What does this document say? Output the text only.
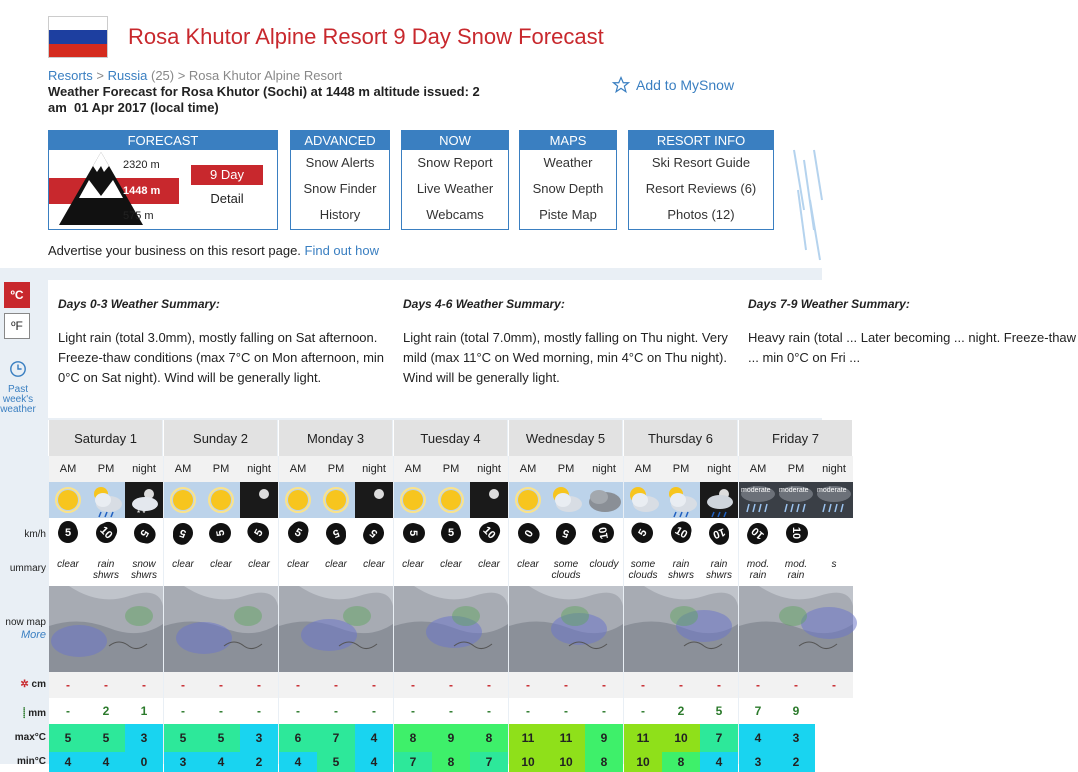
Rosa Khutor Alpine Resort 9 Day Snow Forecast
Resorts > Russia (25) > Rosa Khutor Alpine Resort
Weather Forecast for Rosa Khutor (Sochi) at 1448 m altitude issued: 2 am  01 Apr 2017 (local time)
Add to MySnow
FORECAST
2320 m
1448 m
575 m
9 Day
Detail
ADVANCED
Snow Alerts
Snow Finder
History
NOW
Snow Report
Live Weather
Webcams
MAPS
Weather
Snow Depth
Piste Map
RESORT INFO
Ski Resort Guide
Resort Reviews (6)
Photos (12)
Advertise your business on this resort page. Find out how
ºC
ºF
Past week's weather
km/h
ummary
now map
More
✲ cm
⸽ mm
max°C
min°C
Days 0-3 Weather Summary:
Light rain (total 3.0mm), mostly falling on Sat afternoon. Freeze-thaw conditions (max 7°C on Mon afternoon, min 0°C on Sat night). Wind will be generally light.
Days 4-6 Weather Summary:
Light rain (total 7.0mm), mostly falling on Thu night. Very mild (max 11°C on Wed morning, min 4°C on Thu night). Wind will be generally light.
Days 7-9 Weather Summary:
Heavy rain (total ... Later becoming ... night. Freeze-thaw ... min 0°C on Fri ...
Saturday 1
AM
5
clear
-
-
5
4
PM
10
rain shwrs
-
2
5
4
night
* *
5
snow shwrs
-
1
3
0
Sunday 2
AM
5
clear
-
-
5
3
PM
5
clear
-
-
5
4
night
5
clear
-
-
3
2
Monday 3
AM
5
clear
-
-
6
4
PM
5
clear
-
-
7
5
night
5
clear
-
-
4
4
Tuesday 4
AM
5
clear
-
-
8
7
PM
5
clear
-
-
9
8
night
10
clear
-
-
8
7
Wednesday 5
AM
0
clear
-
-
11
10
PM
5
some clouds
-
-
11
10
night
10
cloudy
-
-
9
8
Thursday 6
AM
5
some clouds
-
-
11
10
PM
10
rain shwrs
-
2
10
8
night
10
rain shwrs
-
5
7
4
Friday 7
AM
moderate
10
mod. rain
-
7
4
3
PM
moderate
10
mod. rain
-
9
3
2
night
moderate
s
-
